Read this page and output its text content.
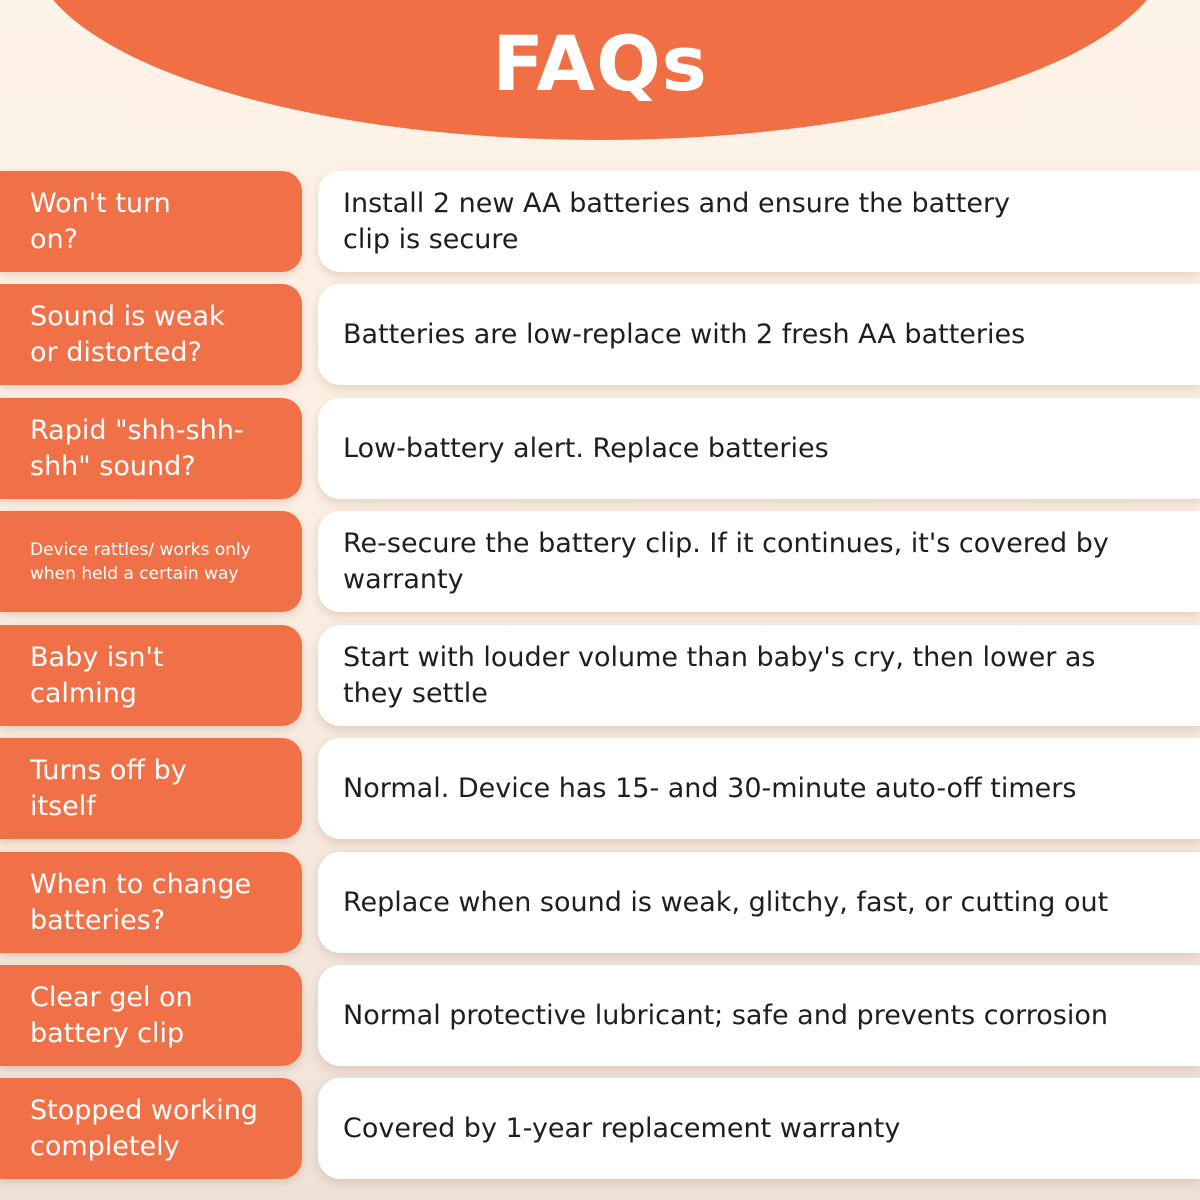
FAQs
Won't turn on?
Install 2 new AA batteries and ensure the battery clip is secure
Sound is weak or distorted?
Batteries are low-replace with 2 fresh AA batteries
Rapid "shh-shh-shh" sound?
Low-battery alert. Replace batteries
Device rattles/ works only when held a certain way
Re-secure the battery clip. If it continues, it's covered by warranty
Baby isn't calming
Start with louder volume than baby's cry, then lower as they settle
Turns off by itself
Normal. Device has 15- and 30-minute auto-off timers
When to change batteries?
Replace when sound is weak, glitchy, fast, or cutting out
Clear gel on battery clip
Normal protective lubricant; safe and prevents corrosion
Stopped working completely
Covered by 1-year replacement warranty
